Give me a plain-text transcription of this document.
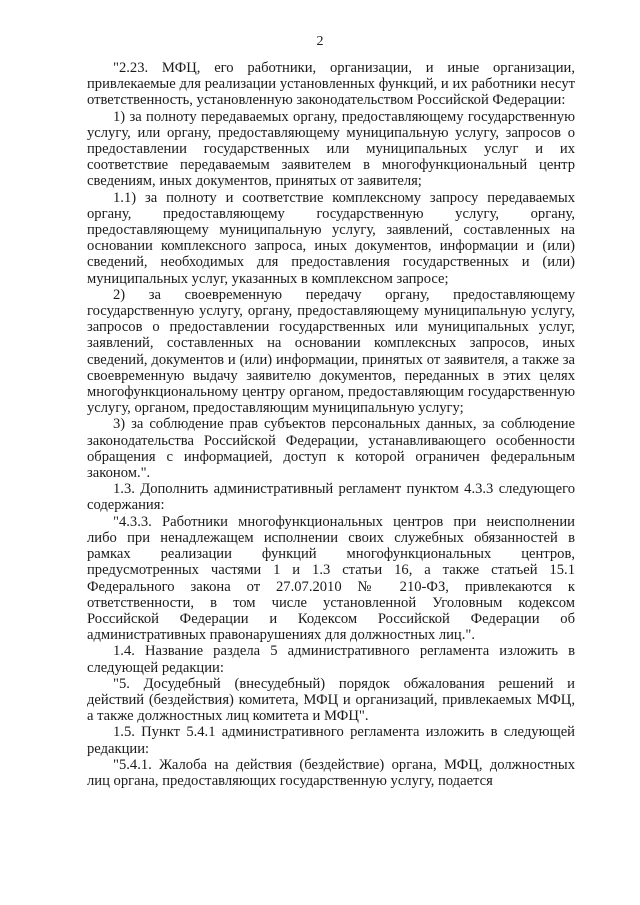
2

"2.23. МФЦ, его работники, организации, и иные организации, привлекаемые для реализации установленных функций, и их работники несут ответственность, установленную законодательством Российской Федерации:

1) за полноту передаваемых органу, предоставляющему государственную услугу, или органу, предоставляющему муниципальную услугу, запросов о предоставлении государственных или муниципальных услуг и их соответствие передаваемым заявителем в многофункциональный центр сведениям, иных документов, принятых от заявителя;

1.1) за полноту и соответствие комплексному запросу передаваемых органу, предоставляющему государственную услугу, органу, предоставляющему муниципальную услугу, заявлений, составленных на основании комплексного запроса, иных документов, информации и (или) сведений, необходимых для предоставления государственных и (или) муниципальных услуг, указанных в комплексном запросе;

2) за своевременную передачу органу, предоставляющему государственную услугу, органу, предоставляющему муниципальную услугу, запросов о предоставлении государственных или муниципальных услуг, заявлений, составленных на основании комплексных запросов, иных сведений, документов и (или) информации, принятых от заявителя, а также за своевременную выдачу заявителю документов, переданных в этих целях многофункциональному центру органом, предоставляющим государственную услугу, органом, предоставляющим муниципальную услугу;

3) за соблюдение прав субъектов персональных данных, за соблюдение законодательства Российской Федерации, устанавливающего особенности обращения с информацией, доступ к которой ограничен федеральным законом.".

1.3. Дополнить административный регламент пунктом 4.3.3 следующего содержания:

"4.3.3. Работники многофункциональных центров при неисполнении либо при ненадлежащем исполнении своих служебных обязанностей в рамках реализации функций многофункциональных центров, предусмотренных частями 1 и 1.3 статьи 16, а также статьей 15.1 Федерального закона от 27.07.2010 № 210-ФЗ, привлекаются к ответственности, в том числе установленной Уголовным кодексом Российской Федерации и Кодексом Российской Федерации об административных правонарушениях для должностных лиц.".

1.4. Название раздела 5 административного регламента изложить в следующей редакции:

"5. Досудебный (внесудебный) порядок обжалования решений и действий (бездействия) комитета, МФЦ и организаций, привлекаемых МФЦ, а также должностных лиц комитета и МФЦ".

1.5. Пункт 5.4.1 административного регламента изложить в следующей редакции:

"5.4.1. Жалоба на действия (бездействие) органа, МФЦ, должностных лиц органа, предоставляющих государственную услугу, подается
